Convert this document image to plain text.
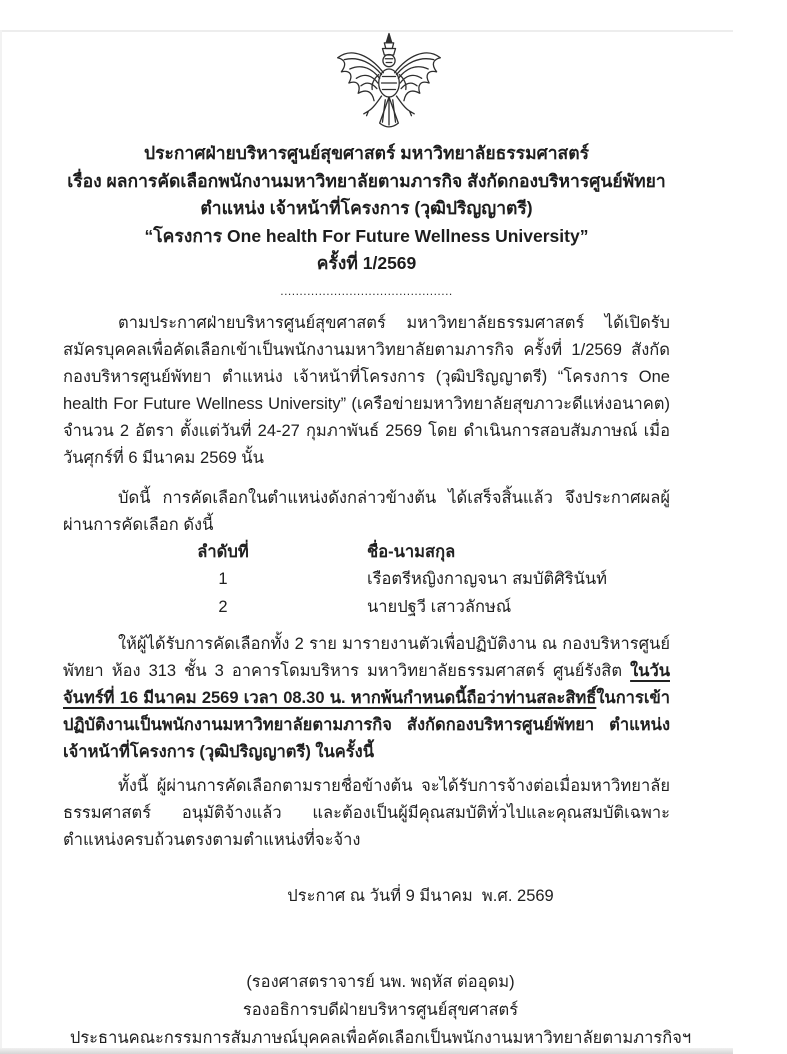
ประกาศฝ่ายบริหารศูนย์สุขศาสตร์ มหาวิทยาลัยธรรมศาสตร์
เรื่อง ผลการคัดเลือกพนักงานมหาวิทยาลัยตามภารกิจ สังกัดกองบริหารศูนย์พัทยา
ตำแหน่ง เจ้าหน้าที่โครงการ (วุฒิปริญญาตรี)
“โครงการ One health For Future Wellness University”
ครั้งที่ 1/2569
.............................................

ตามประกาศฝ่ายบริหารศูนย์สุขศาสตร์ มหาวิทยาลัยธรรมศาสตร์ ได้เปิดรับสมัครบุคคลเพื่อคัดเลือกเข้าเป็นพนักงานมหาวิทยาลัยตามภารกิจ ครั้งที่ 1/2569 สังกัดกองบริหารศูนย์พัทยา ตำแหน่ง เจ้าหน้าที่โครงการ (วุฒิปริญญาตรี) “โครงการ One health For Future Wellness University” (เครือข่ายมหาวิทยาลัยสุขภาวะดีแห่งอนาคต) จำนวน 2 อัตรา ตั้งแต่วันที่ 24-27 กุมภาพันธ์ 2569 โดย ดำเนินการสอบสัมภาษณ์ เมื่อวันศุกร์ที่ 6 มีนาคม 2569 นั้น

บัดนี้ การคัดเลือกในตำแหน่งดังกล่าวข้างต้น ได้เสร็จสิ้นแล้ว จึงประกาศผลผู้ผ่านการคัดเลือก ดังนี้

ลำดับที่	ชื่อ-นามสกุล
1	เรือตรีหญิงกาญจนา สมบัติศิรินันท์
2	นายปฐวี เสาวลักษณ์

ให้ผู้ได้รับการคัดเลือกทั้ง 2 ราย มารายงานตัวเพื่อปฏิบัติงาน ณ กองบริหารศูนย์พัทยา ห้อง 313 ชั้น 3 อาคารโดมบริหาร มหาวิทยาลัยธรรมศาสตร์ ศูนย์รังสิต ในวันจันทร์ที่ 16 มีนาคม 2569 เวลา 08.30 น. หากพ้นกำหนดนี้ถือว่าท่านสละสิทธิ์ในการเข้าปฏิบัติงานเป็นพนักงานมหาวิทยาลัยตามภารกิจ สังกัดกองบริหารศูนย์พัทยา ตำแหน่ง เจ้าหน้าที่โครงการ (วุฒิปริญญาตรี) ในครั้งนี้

ทั้งนี้ ผู้ผ่านการคัดเลือกตามรายชื่อข้างต้น จะได้รับการจ้างต่อเมื่อมหาวิทยาลัยธรรมศาสตร์ อนุมัติจ้างแล้ว และต้องเป็นผู้มีคุณสมบัติทั่วไปและคุณสมบัติเฉพาะตำแหน่งครบถ้วนตรงตามตำแหน่งที่จะจ้าง

ประกาศ ณ วันที่ 9 มีนาคม  พ.ศ. 2569
(รองศาสตราจารย์ นพ. พฤหัส ต่ออุดม)
รองอธิการบดีฝ่ายบริหารศูนย์สุขศาสตร์
ประธานคณะกรรมการสัมภาษณ์บุคคลเพื่อคัดเลือกเป็นพนักงานมหาวิทยาลัยตามภารกิจฯ
